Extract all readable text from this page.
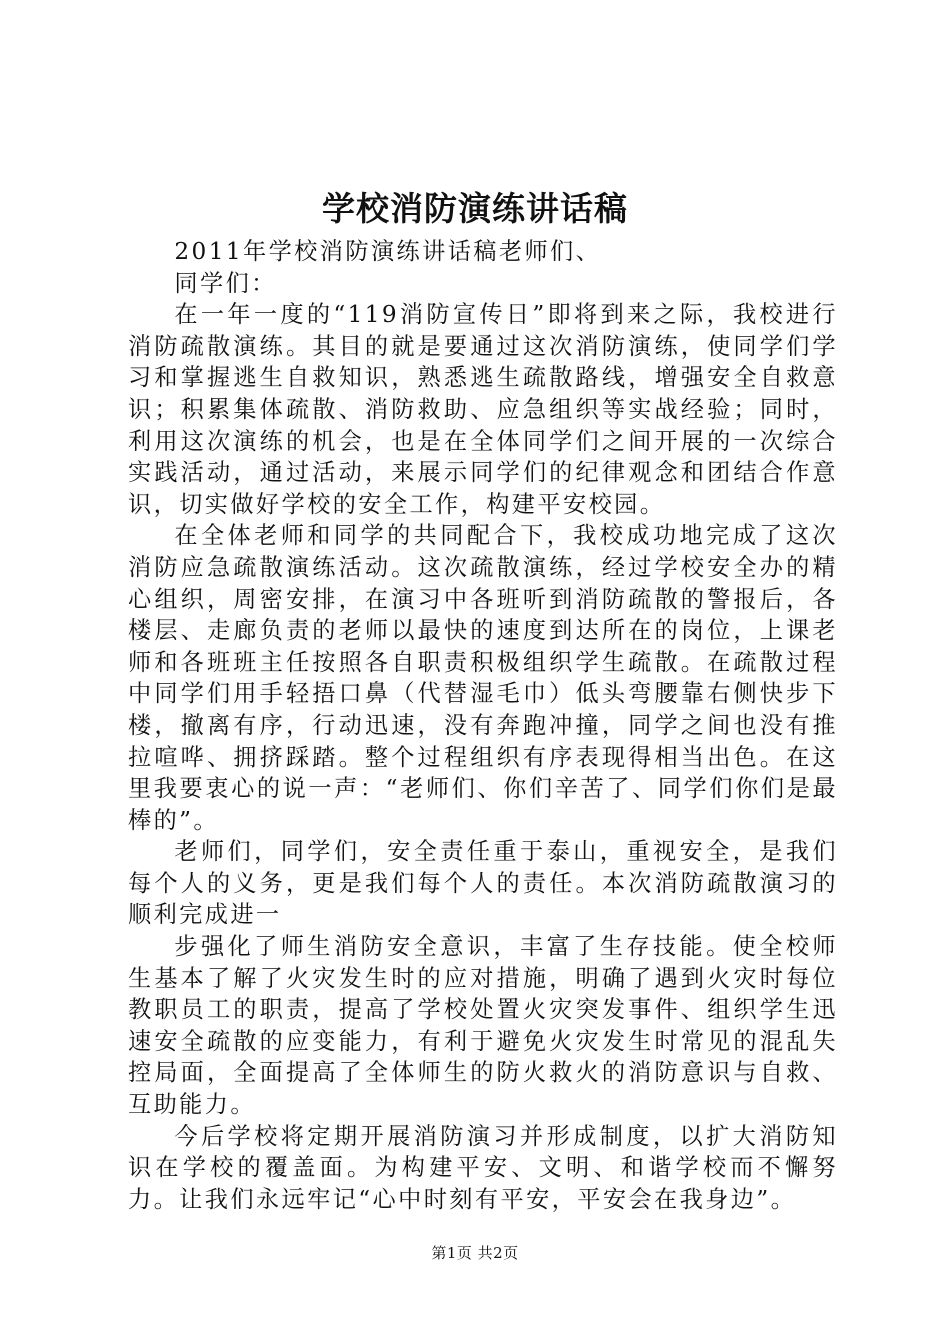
学校消防演练讲话稿

2011年学校消防演练讲话稿老师们、

同学们：

在一年一度的“119消防宣传日”即将到来之际，我校进行消防疏散演练。其目的就是要通过这次消防演练，使同学们学习和掌握逃生自救知识，熟悉逃生疏散路线，增强安全自救意识；积累集体疏散、消防救助、应急组织等实战经验；同时，利用这次演练的机会，也是在全体同学们之间开展的一次综合实践活动，通过活动，来展示同学们的纪律观念和团结合作意识，切实做好学校的安全工作，构建平安校园。

在全体老师和同学的共同配合下，我校成功地完成了这次消防应急疏散演练活动。这次疏散演练，经过学校安全办的精心组织，周密安排，在演习中各班听到消防疏散的警报后，各楼层、走廊负责的老师以最快的速度到达所在的岗位，上课老师和各班班主任按照各自职责积极组织学生疏散。在疏散过程中同学们用手轻捂口鼻（代替湿毛巾）低头弯腰靠右侧快步下楼，撤离有序，行动迅速，没有奔跑冲撞，同学之间也没有推拉喧哗、拥挤踩踏。整个过程组织有序表现得相当出色。在这里我要衷心的说一声：“老师们、你们辛苦了、同学们你们是最棒的”。

老师们，同学们，安全责任重于泰山，重视安全，是我们每个人的义务，更是我们每个人的责任。本次消防疏散演习的顺利完成进一

步强化了师生消防安全意识，丰富了生存技能。使全校师生基本了解了火灾发生时的应对措施，明确了遇到火灾时每位教职员工的职责，提高了学校处置火灾突发事件、组织学生迅速安全疏散的应变能力，有利于避免火灾发生时常见的混乱失控局面，全面提高了全体师生的防火救火的消防意识与自救、互助能力。

今后学校将定期开展消防演习并形成制度，以扩大消防知识在学校的覆盖面。为构建平安、文明、和谐学校而不懈努力。让我们永远牢记“心中时刻有平安，平安会在我身边”。

第1页 共2页
